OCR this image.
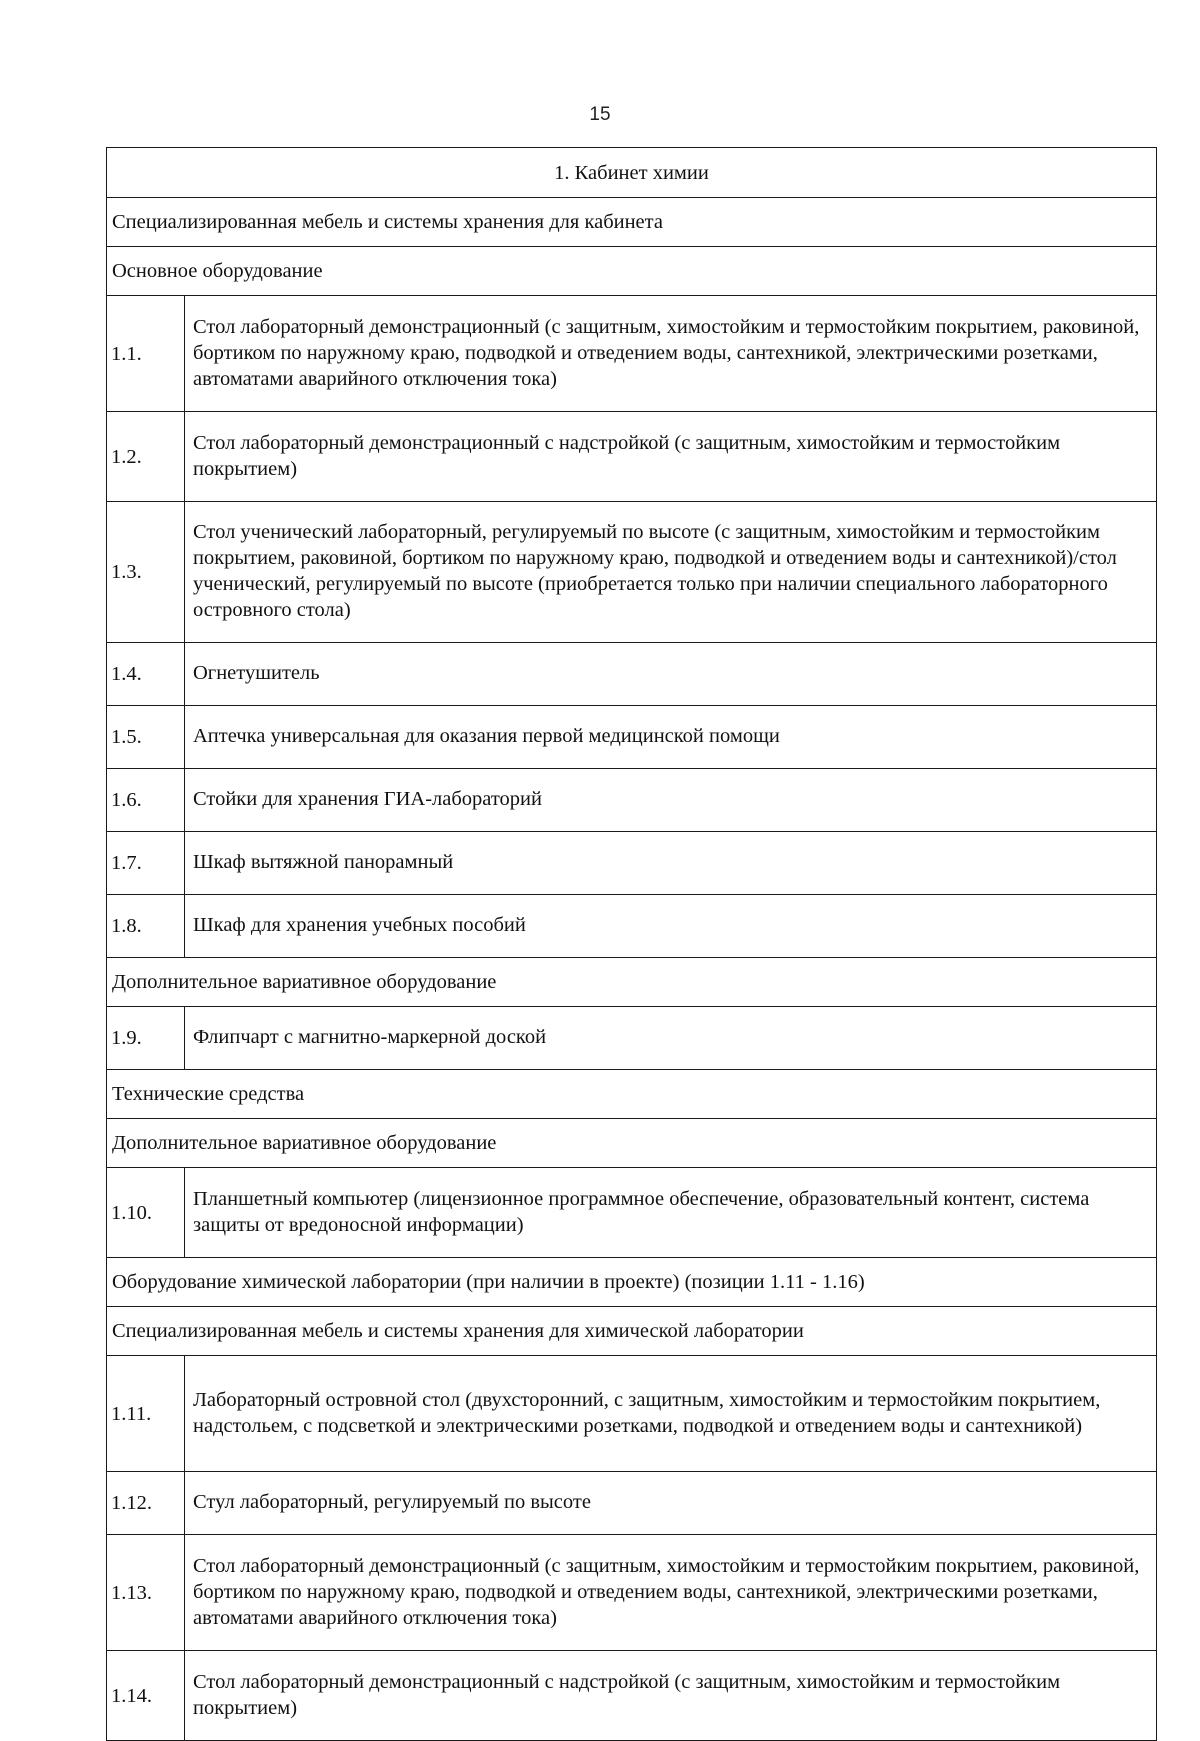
15
1. Кабинет химии	
Специализированная мебель и системы хранения для кабинета	
Основное оборудование	
1.1.	Стол лабораторный демонстрационный (с защитным, химостойким и термостойким покрытием, раковиной, бортиком по наружному краю, подводкой и отведением воды, сантехникой, электрическими розетками, автоматами аварийного отключения тока)
1.2.	Стол лабораторный демонстрационный с надстройкой (с защитным, химостойким и термостойким покрытием)
1.3.	Стол ученический лабораторный, регулируемый по высоте (с защитным, химостойким и термостойким покрытием, раковиной, бортиком по наружному краю, подводкой и отведением воды и сантехникой)/стол ученический, регулируемый по высоте (приобретается только при наличии специального лабораторного островного стола)
1.4.	Огнетушитель
1.5.	Аптечка универсальная для оказания первой медицинской помощи
1.6.	Стойки для хранения ГИА-лабораторий
1.7.	Шкаф вытяжной панорамный
1.8.	Шкаф для хранения учебных пособий
Дополнительное вариативное оборудование	
1.9.	Флипчарт с магнитно-маркерной доской
Технические средства	
Дополнительное вариативное оборудование	
1.10.	Планшетный компьютер (лицензионное программное обеспечение, образовательный контент, система защиты от вредоносной информации)
Оборудование химической лаборатории (при наличии в проекте) (позиции 1.11 - 1.16)	
Специализированная мебель и системы хранения для химической лаборатории	
1.11.	Лабораторный островной стол (двухсторонний, с защитным, химостойким и термостойким покрытием, надстольем, с подсветкой и электрическими розетками, подводкой и отведением воды и сантехникой)
1.12.	Стул лабораторный, регулируемый по высоте
1.13.	Стол лабораторный демонстрационный (с защитным, химостойким и термостойким покрытием, раковиной, бортиком по наружному краю, подводкой и отведением воды, сантехникой, электрическими розетками, автоматами аварийного отключения тока)
1.14.	Стол лабораторный демонстрационный с надстройкой (с защитным, химостойким и термостойким покрытием)
